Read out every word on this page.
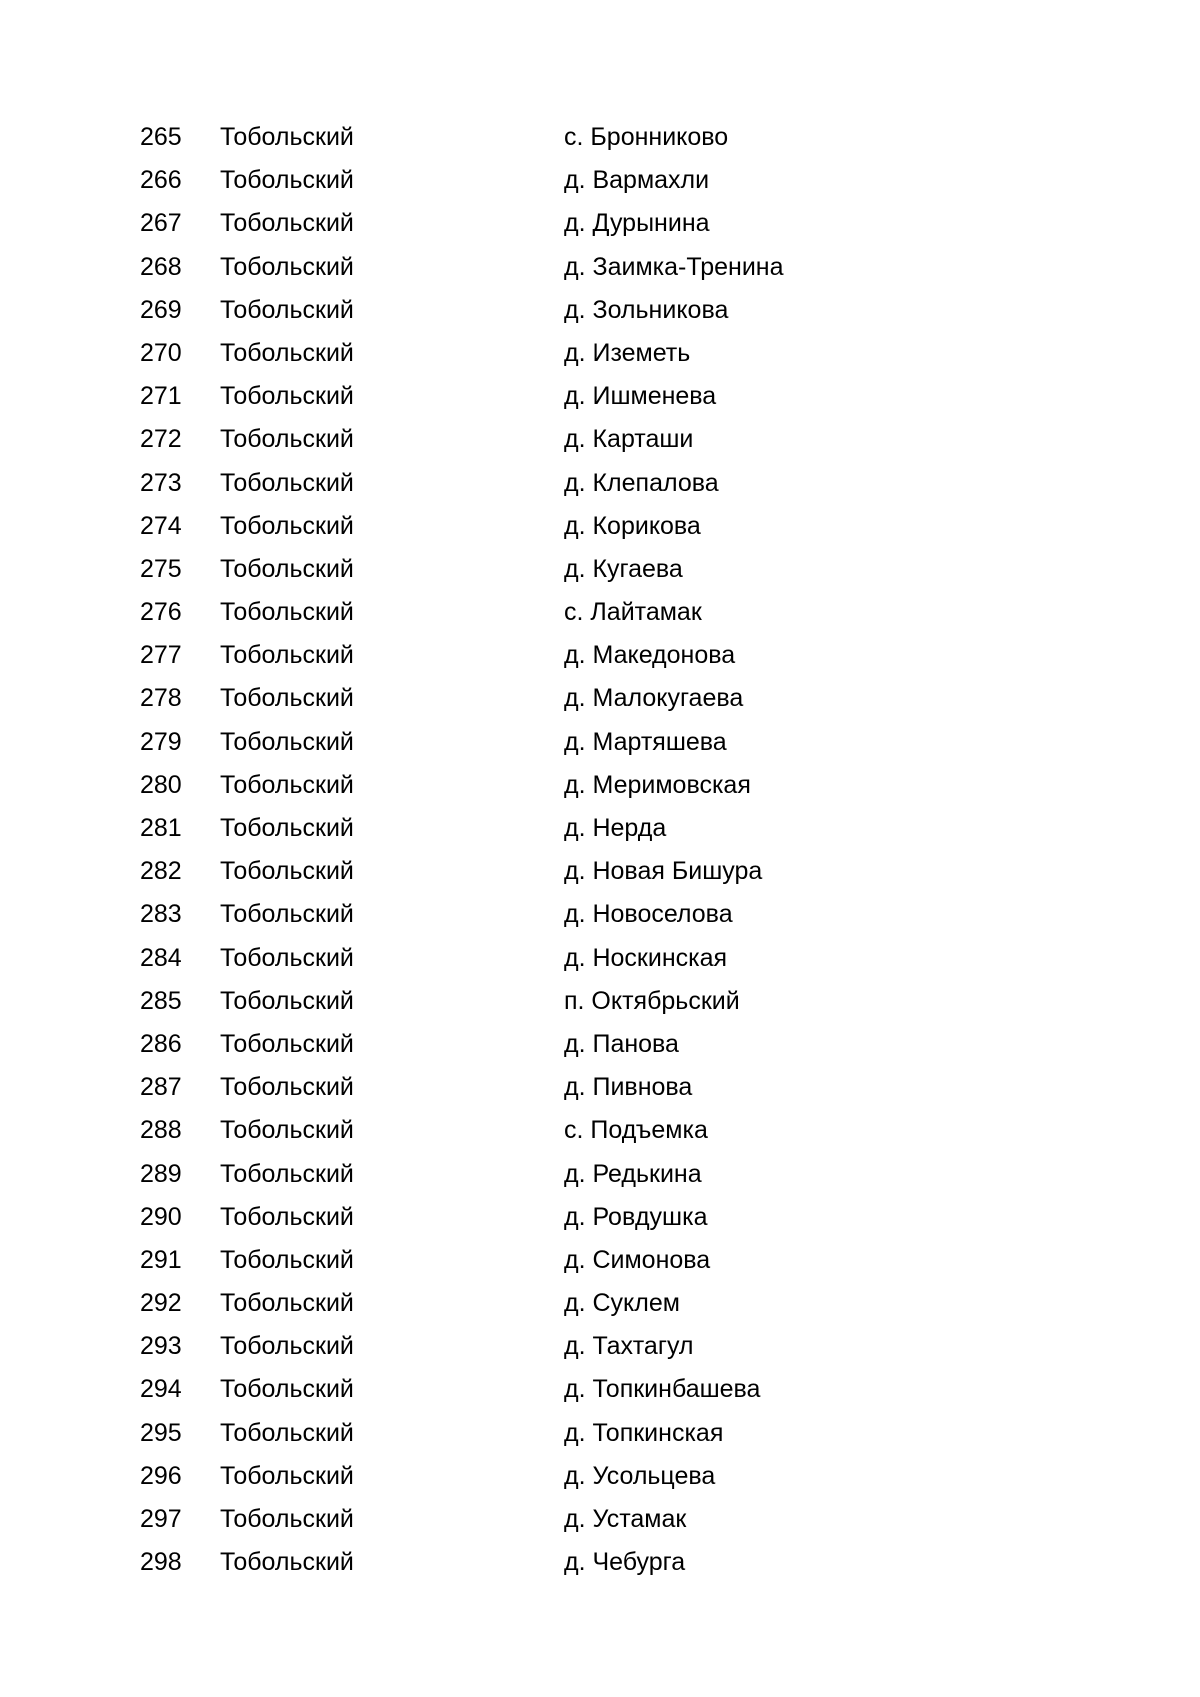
265 Тобольский	с. Бронниково
266 Тобольский	д. Вармахли
267 Тобольский	д. Дурынина
268 Тобольский	д. Заимка-Тренина
269 Тобольский	д. Зольникова
270 Тобольский	д. Иземеть
271 Тобольский	д. Ишменева
272 Тобольский	д. Карташи
273 Тобольский	д. Клепалова
274 Тобольский	д. Корикова
275 Тобольский	д. Кугаева
276 Тобольский	с. Лайтамак
277 Тобольский	д. Македонова
278 Тобольский	д. Малокугаева
279 Тобольский	д. Мартяшева
280 Тобольский	д. Меримовская
281 Тобольский	д. Нерда
282 Тобольский	д. Новая Бишура
283 Тобольский	д. Новоселова
284 Тобольский	д. Носкинская
285 Тобольский	п. Октябрьский
286 Тобольский	д. Панова
287 Тобольский	д. Пивнова
288 Тобольский	с. Подъемка
289 Тобольский	д. Редькина
290 Тобольский	д. Ровдушка
291 Тобольский	д. Симонова
292 Тобольский	д. Суклем
293 Тобольский	д. Тахтагул
294 Тобольский	д. Топкинбашева
295 Тобольский	д. Топкинская
296 Тобольский	д. Усольцева
297 Тобольский	д. Устамак
298 Тобольский	д. Чебурга
